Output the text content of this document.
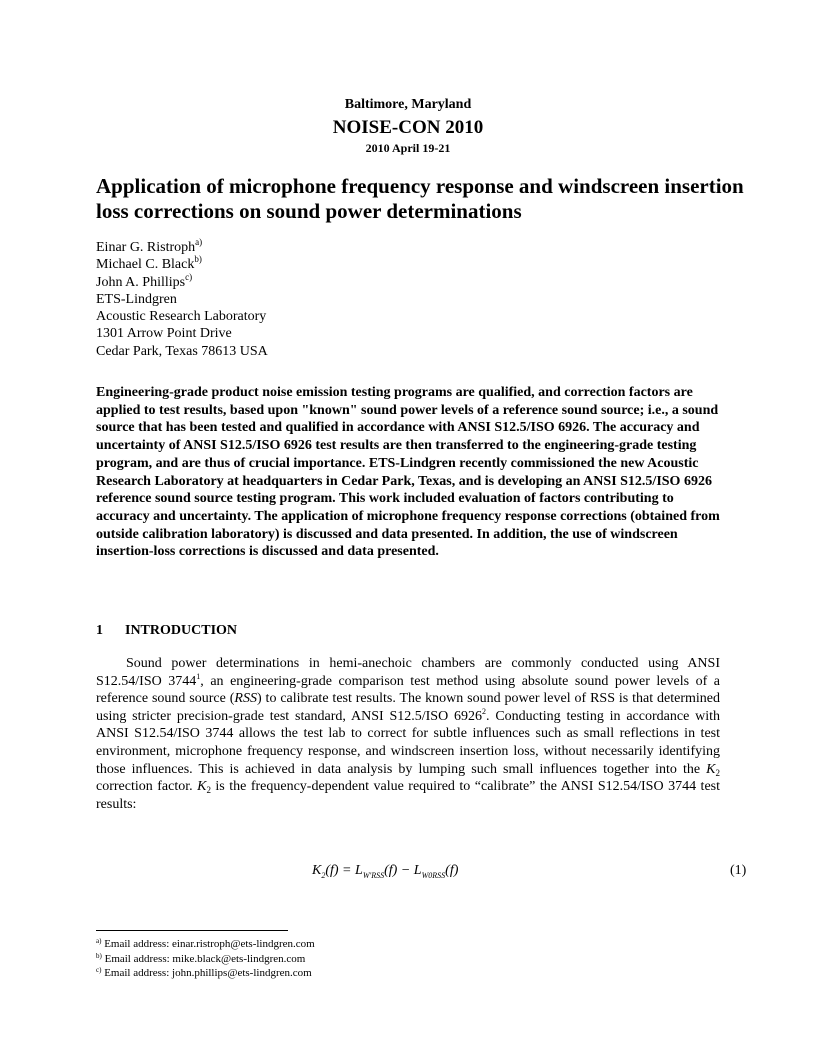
Baltimore, Maryland
NOISE-CON 2010
2010 April 19-21
Application of microphone frequency response and windscreen insertion loss corrections on sound power determinations
Einar G. Ristroph$^{a)}$
Michael C. Black$^{b)}$
John A. Phillips$^{c)}$
ETS-Lindgren
Acoustic Research Laboratory
1301 Arrow Point Drive
Cedar Park, Texas 78613 USA
Engineering-grade product noise emission testing programs are qualified, and correction factors are applied to test results, based upon "known" sound power levels of a reference sound source; i.e., a sound source that has been tested and qualified in accordance with ANSI S12.5/ISO 6926. The accuracy and uncertainty of ANSI S12.5/ISO 6926 test results are then transferred to the engineering-grade testing program, and are thus of crucial importance. ETS-Lindgren recently commissioned the new Acoustic Research Laboratory at headquarters in Cedar Park, Texas, and is developing an ANSI S12.5/ISO 6926 reference sound source testing program. This work included evaluation of factors contributing to accuracy and uncertainty. The application of microphone frequency response corrections (obtained from outside calibration laboratory) is discussed and data presented. In addition, the use of windscreen insertion-loss corrections is discussed and data presented.
1 INTRODUCTION
Sound power determinations in hemi-anechoic chambers are commonly conducted using ANSI S12.54/ISO 3744$^1$, an engineering-grade comparison test method using absolute sound power levels of a reference sound source (RSS) to calibrate test results. The known sound power level of RSS is that determined using stricter precision-grade test standard, ANSI S12.5/ISO 6926$^2$. Conducting testing in accordance with ANSI S12.54/ISO 3744 allows the test lab to correct for subtle influences such as small reflections in test environment, microphone frequency response, and windscreen insertion loss, without necessarily identifying those influences. This is achieved in data analysis by lumping such small influences together into the $K_2$ correction factor. $K_2$ is the frequency-dependent value required to “calibrate” the ANSI S12.54/ISO 3744 test results:
$K_2(f) = L_{W'RSS}(f) - L_{W0RSS}(f)$	(1)
$^{a)}$ Email address: einar.ristroph@ets-lindgren.com
$^{b)}$ Email address: mike.black@ets-lindgren.com
$^{c)}$ Email address: john.phillips@ets-lindgren.com
